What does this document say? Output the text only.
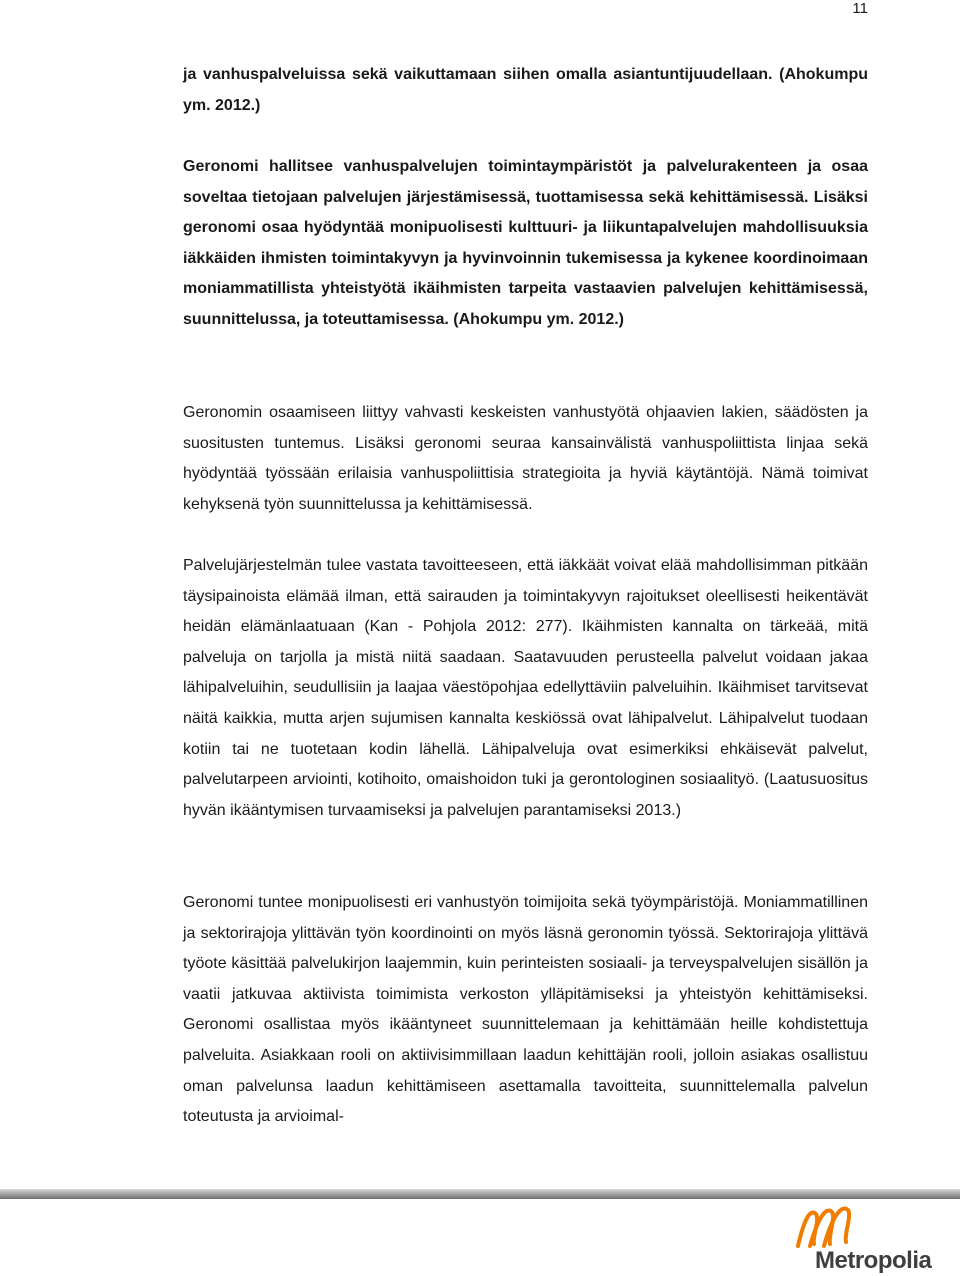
11

ja vanhuspalveluissa sekä vaikuttamaan siihen omalla asiantuntijuudellaan. (Ahokumpu ym. 2012.)

Geronomi hallitsee vanhuspalvelujen toimintaympäristöt ja palvelurakenteen ja osaa soveltaa tietojaan palvelujen järjestämisessä, tuottamisessa sekä kehittämisessä. Lisäksi geronomi osaa hyödyntää monipuolisesti kulttuuri- ja liikuntapalvelujen mahdollisuuksia iäkkäiden ihmisten toimintakyvyn ja hyvinvoinnin tukemisessa ja kykenee koordinoimaan moniammatillista yhteistyötä ikäihmisten tarpeita vastaavien palvelujen kehittämisessä, suunnittelussa, ja toteuttamisessa. (Ahokumpu ym. 2012.)

Geronomin osaamiseen liittyy vahvasti keskeisten vanhustyötä ohjaavien lakien, säädösten ja suositusten tuntemus. Lisäksi geronomi seuraa kansainvälistä vanhuspoliittista linjaa sekä hyödyntää työssään erilaisia vanhuspoliittisia strategioita ja hyviä käytäntöjä. Nämä toimivat kehyksenä työn suunnittelussa ja kehittämisessä.

Palvelujärjestelmän tulee vastata tavoitteeseen, että iäkkäät voivat elää mahdollisimman pitkään täysipainoista elämää ilman, että sairauden ja toimintakyvyn rajoitukset oleellisesti heikentävät heidän elämänlaatuaan (Kan - Pohjola 2012: 277). Ikäihmisten kannalta on tärkeää, mitä palveluja on tarjolla ja mistä niitä saadaan. Saatavuuden perusteella palvelut voidaan jakaa lähipalveluihin, seudullisiin ja laajaa väestöpohjaa edellyttäviin palveluihin. Ikäihmiset tarvitsevat näitä kaikkia, mutta arjen sujumisen kannalta keskiössä ovat lähipalvelut. Lähipalvelut tuodaan kotiin tai ne tuotetaan kodin lähellä. Lähipalveluja ovat esimerkiksi ehkäisevät palvelut, palvelutarpeen arviointi, kotihoito, omaishoidon tuki ja gerontologinen sosiaalityö. (Laatusuositus hyvän ikääntymisen turvaamiseksi ja palvelujen parantamiseksi 2013.)

Geronomi tuntee monipuolisesti eri vanhustyön toimijoita sekä työympäristöjä. Moniammatillinen ja sektorirajoja ylittävän työn koordinointi on myös läsnä geronomin työssä. Sektorirajoja ylittävä työote käsittää palvelukirjon laajemmin, kuin perinteisten sosiaali- ja terveyspalvelujen sisällön ja vaatii jatkuvaa aktiivista toimimista verkoston ylläpitämiseksi ja yhteistyön kehittämiseksi. Geronomi osallistaa myös ikääntyneet suunnittelemaan ja kehittämään heille kohdistettuja palveluita. Asiakkaan rooli on aktiivisimmillaan laadun kehittäjän rooli, jolloin asiakas osallistuu oman palvelunsa laadun kehittämiseen asettamalla tavoitteita, suunnittelemalla palvelun toteutusta ja arvioimal-

Metropolia
